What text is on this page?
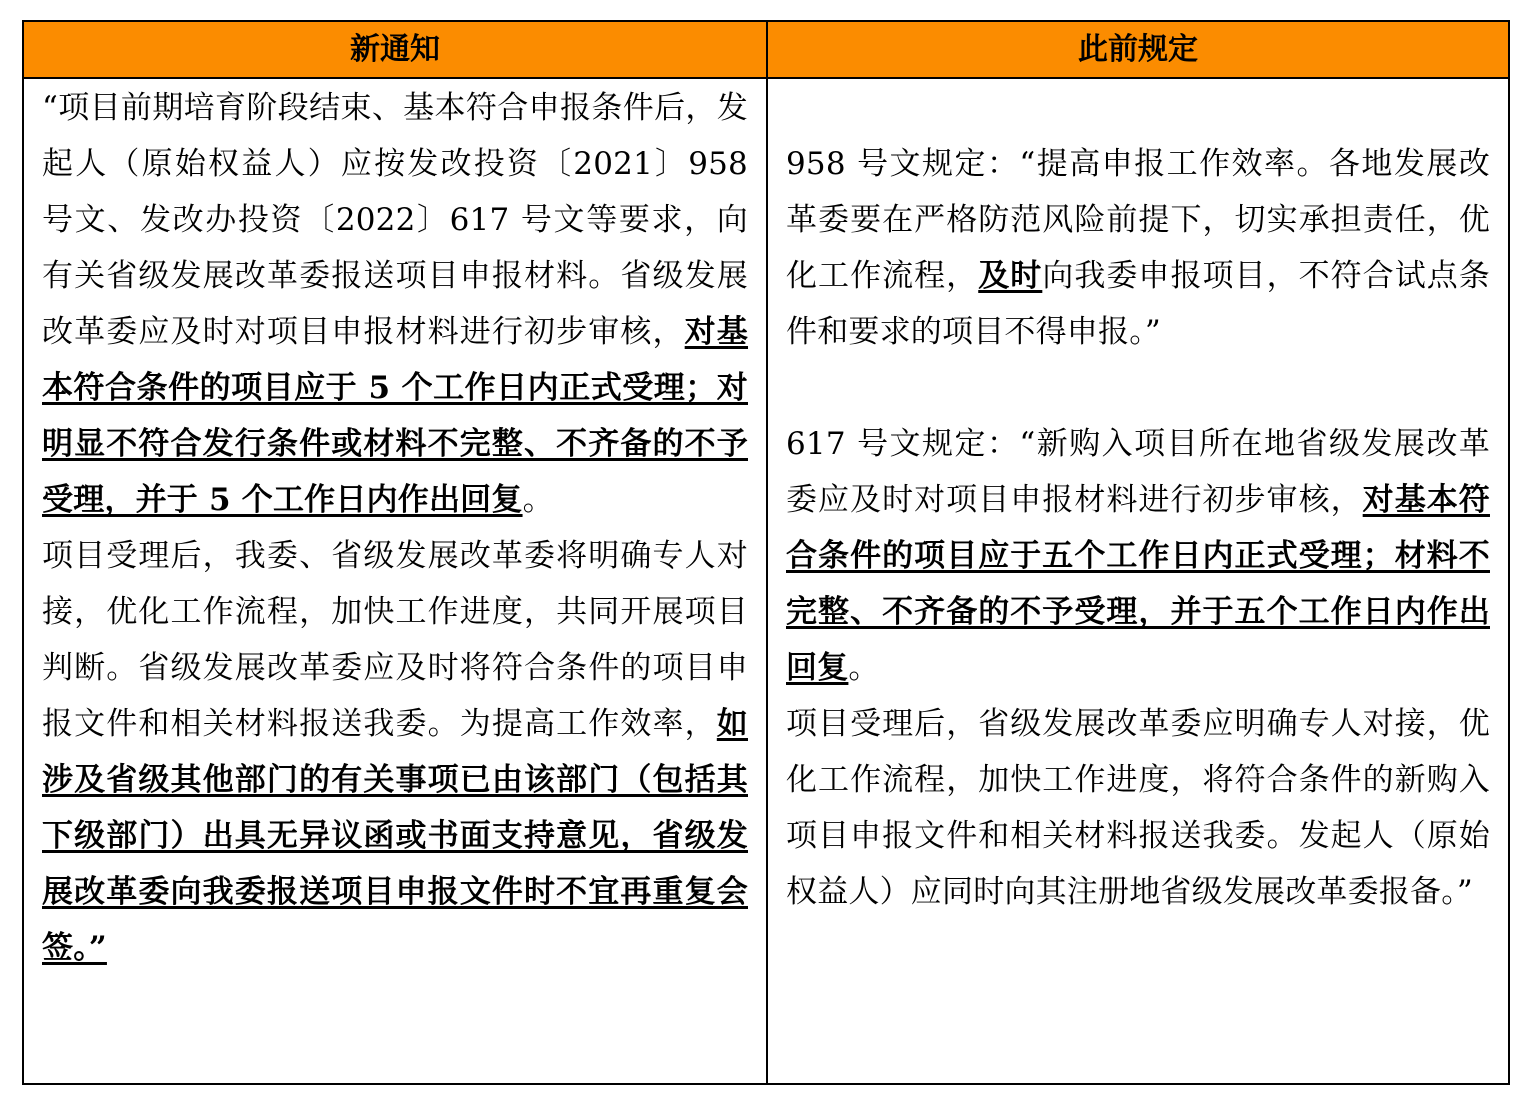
新通知	此前规定

“项目前期培育阶段结束、基本符合申报条件后，发起人（原始权益人）应按发改投资〔2021〕958 号文、发改办投资〔2022〕617 号文等要求，向有关省级发展改革委报送项目申报材料。省级发展改革委应及时对项目申报材料进行初步审核，对基本符合条件的项目应于 5 个工作日内正式受理；对明显不符合发行条件或材料不完整、不齐备的不予受理，并于 5 个工作日内作出回复。

项目受理后，我委、省级发展改革委将明确专人对接，优化工作流程，加快工作进度，共同开展项目判断。省级发展改革委应及时将符合条件的项目申报文件和相关材料报送我委。为提高工作效率，如涉及省级其他部门的有关事项已由该部门（包括其下级部门）出具无异议函或书面支持意见，省级发展改革委向我委报送项目申报文件时不宜再重复会签。”

958 号文规定：“提高申报工作效率。各地发展改革委要在严格防范风险前提下，切实承担责任，优化工作流程，及时向我委申报项目，不符合试点条件和要求的项目不得申报。”

617 号文规定：“新购入项目所在地省级发展改革委应及时对项目申报材料进行初步审核，对基本符合条件的项目应于五个工作日内正式受理；材料不完整、不齐备的不予受理，并于五个工作日内作出回复。

项目受理后，省级发展改革委应明确专人对接，优化工作流程，加快工作进度，将符合条件的新购入项目申报文件和相关材料报送我委。发起人（原始权益人）应同时向其注册地省级发展改革委报备。”
